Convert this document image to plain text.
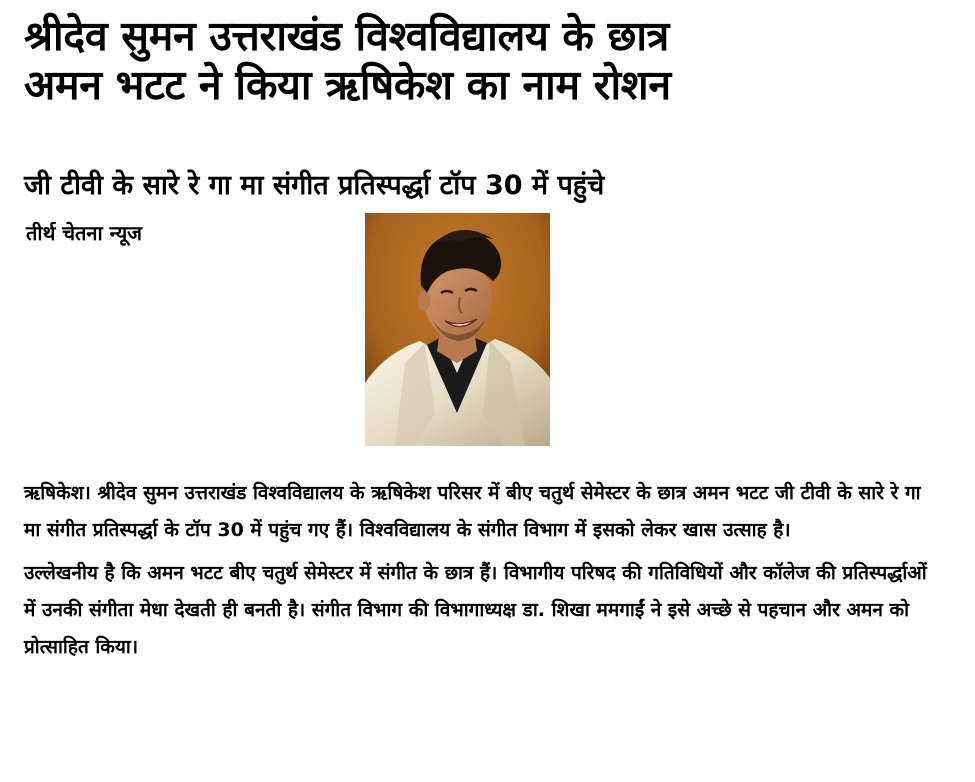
श्रीदेव सुमन उत्तराखंड विश्वविद्यालय के छात्र
अमन भटट ने किया ऋषिकेश का नाम रोशन
जी टीवी के सारे रे गा मा संगीत प्रतिस्पर्द्धा टॉप 30 में पहुंचे
तीर्थ चेतना न्यूज

ऋषिकेश। श्रीदेव सुमन उत्तराखंड विश्वविद्यालय के ऋषिकेश परिसर में बीए चतुर्थ सेमेस्टर के छात्र अमन भटट जी टीवी के सारे रे गा मा संगीत प्रतिस्पर्द्धा के टॉप 30 में पहुंच गए हैं। विश्वविद्यालय के संगीत विभाग में इसको लेकर खास उत्साह है।

उल्लेखनीय है कि अमन भटट बीए चतुर्थ सेमेस्टर में संगीत के छात्र हैं। विभागीय परिषद की गतिविधियों और कॉलेज की प्रतिस्पर्द्धाओं में उनकी संगीता मेधा देखती ही बनती है। संगीत विभाग की विभागाध्यक्ष डा. शिखा ममगाईं ने इसे अच्छे से पहचान और अमन को प्रोत्साहित किया।
